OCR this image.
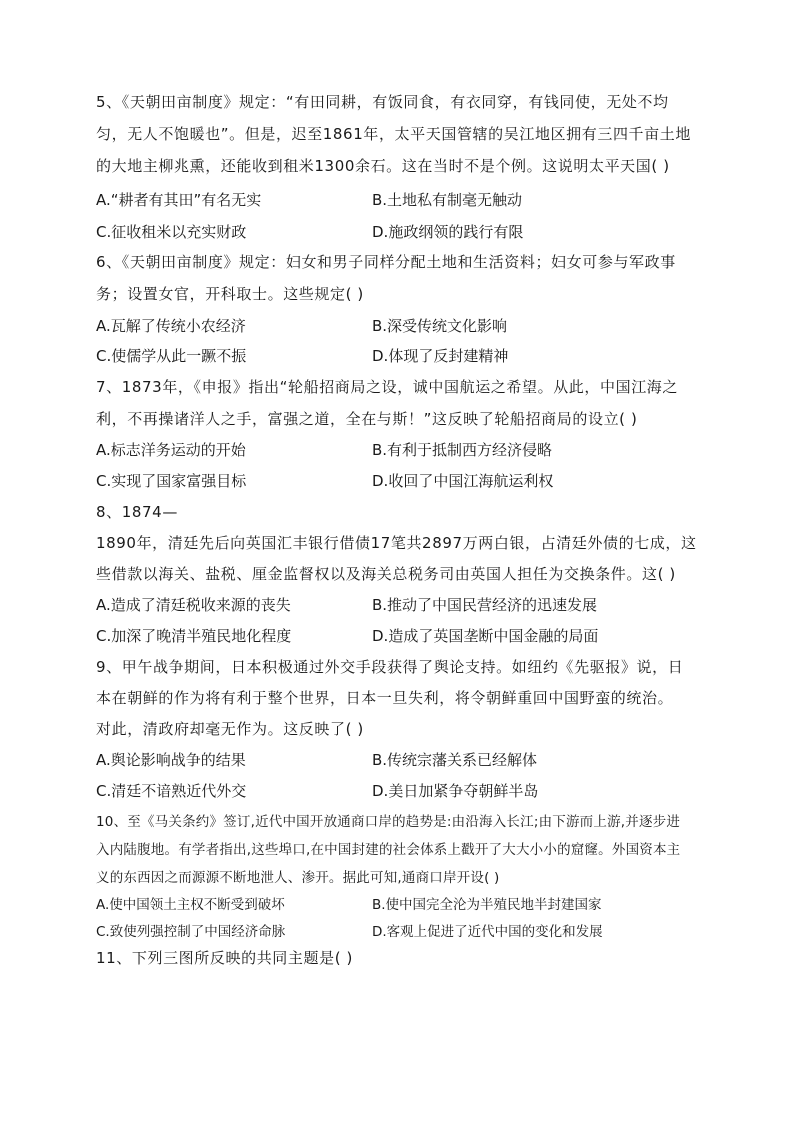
5、《天朝田亩制度》规定：“有田同耕，有饭同食，有衣同穿，有钱同使，无处不均
匀，无人不饱暖也”。但是，迟至1861年，太平天国管辖的吴江地区拥有三四千亩土地
的大地主柳兆熏，还能收到租米1300余石。这在当时不是个例。这说明太平天国( )
A.“耕者有其田”有名无实	B.土地私有制毫无触动
C.征收租米以充实财政	D.施政纲领的践行有限
6、《天朝田亩制度》规定：妇女和男子同样分配土地和生活资料；妇女可参与军政事
务；设置女官，开科取士。这些规定( )
A.瓦解了传统小农经济	B.深受传统文化影响
C.使儒学从此一蹶不振	D.体现了反封建精神
7、1873年，《申报》指出“轮船招商局之设，诚中国航运之希望。从此，中国江海之
利，不再操诸洋人之手，富强之道，全在与斯！”这反映了轮船招商局的设立( )
A.标志洋务运动的开始	B.有利于抵制西方经济侵略
C.实现了国家富强目标	D.收回了中国江海航运利权
8、1874—
1890年，清廷先后向英国汇丰银行借债17笔共2897万两白银，占清廷外债的七成，这
些借款以海关、盐税、厘金监督权以及海关总税务司由英国人担任为交换条件。这( )
A.造成了清廷税收来源的丧失	B.推动了中国民营经济的迅速发展
C.加深了晚清半殖民地化程度	D.造成了英国垄断中国金融的局面
9、甲午战争期间，日本积极通过外交手段获得了舆论支持。如纽约《先驱报》说，日
本在朝鲜的作为将有利于整个世界，日本一旦失利，将令朝鲜重回中国野蛮的统治。
对此，清政府却毫无作为。这反映了( )
A.舆论影响战争的结果	B.传统宗藩关系已经解体
C.清廷不谙熟近代外交	D.美日加紧争夺朝鲜半岛
10、至《马关条约》签订,近代中国开放通商口岸的趋势是:由沿海入长江;由下游而上游,并逐步进
入内陆腹地。有学者指出,这些埠口,在中国封建的社会体系上戳开了大大小小的窟窿。外国资本主
义的东西因之而源源不断地泄人、渗开。据此可知,通商口岸开设( )
A.使中国领土主权不断受到破坏	B.使中国完全沦为半殖民地半封建国家
C.致使列强控制了中国经济命脉	D.客观上促进了近代中国的变化和发展
11、下列三图所反映的共同主题是( )
